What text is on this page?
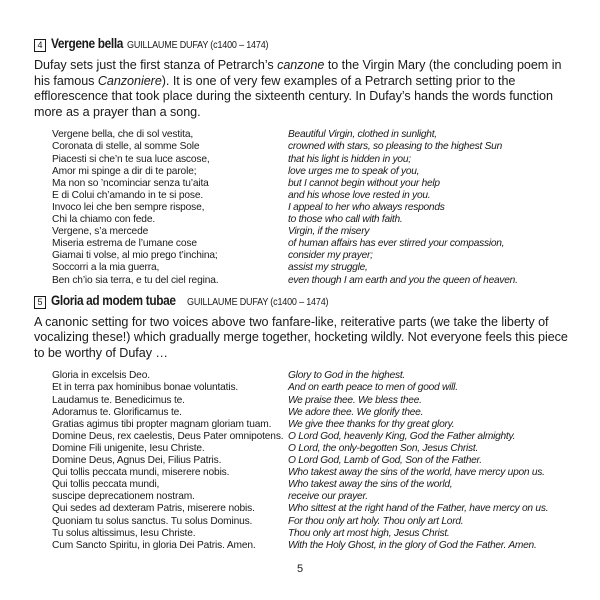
4 Vergene bella GUILLAUME DUFAY (c1400 – 1474)

Dufay sets just the first stanza of Petrarch’s canzone to the Virgin Mary (the concluding poem in his famous Canzoniere). It is one of very few examples of a Petrarch setting prior to the efflorescence that took place during the sixteenth century. In Dufay’s hands the words function more as a prayer than a song.

Vergene bella, che di sol vestita,
Coronata di stelle, al somme Sole
Piacesti si che’n te sua luce ascose,
Amor mi spinge a dir di te parole;
Ma non so ’ncominciar senza tu’aita
E di Colui ch’amando in te si pose.
Invoco lei che ben sempre rispose,
Chi la chiamo con fede.
Vergene, s’a mercede
Miseria estrema de l’umane cose
Giamai ti volse, al mio prego t’inchina;
Soccorri a la mia guerra,
Ben ch’io sia terra, e tu del ciel regina.
Beautiful Virgin, clothed in sunlight,
crowned with stars, so pleasing to the highest Sun
that his light is hidden in you;
love urges me to speak of you,
but I cannot begin without your help
and his whose love rested in you.
I appeal to her who always responds
to those who call with faith.
Virgin, if the misery
of human affairs has ever stirred your compassion,
consider my prayer;
assist my struggle,
even though I am earth and you the queen of heaven.
5 Gloria ad modem tubae GUILLAUME DUFAY (c1400 – 1474)

A canonic setting for two voices above two fanfare-like, reiterative parts (we take the liberty of vocalizing these!) which gradually merge together, hocketing wildly. Not everyone feels this piece to be worthy of Dufay …

Gloria in excelsis Deo.
Et in terra pax hominibus bonae voluntatis.
Laudamus te. Benedicimus te.
Adoramus te. Glorificamus te.
Gratias agimus tibi propter magnam gloriam tuam.
Domine Deus, rex caelestis, Deus Pater omnipotens.
Domine Fili unigenite, Iesu Christe.
Domine Deus, Agnus Dei, Filius Patris.
Qui tollis peccata mundi, miserere nobis.
Qui tollis peccata mundi,
suscipe deprecationem nostram.
Qui sedes ad dexteram Patris, miserere nobis.
Quoniam tu solus sanctus. Tu solus Dominus.
Tu solus altissimus, Iesu Christe.
Cum Sancto Spiritu, in gloria Dei Patris. Amen.
Glory to God in the highest.
And on earth peace to men of good will.
We praise thee. We bless thee.
We adore thee. We glorify thee.
We give thee thanks for thy great glory.
O Lord God, heavenly King, God the Father almighty.
O Lord, the only-begotten Son, Jesus Christ.
O Lord God, Lamb of God, Son of the Father.
Who takest away the sins of the world, have mercy upon us.
Who takest away the sins of the world,
receive our prayer.
Who sittest at the right hand of the Father, have mercy on us.
For thou only art holy. Thou only art Lord.
Thou only art most high, Jesus Christ.
With the Holy Ghost, in the glory of God the Father. Amen.
5
